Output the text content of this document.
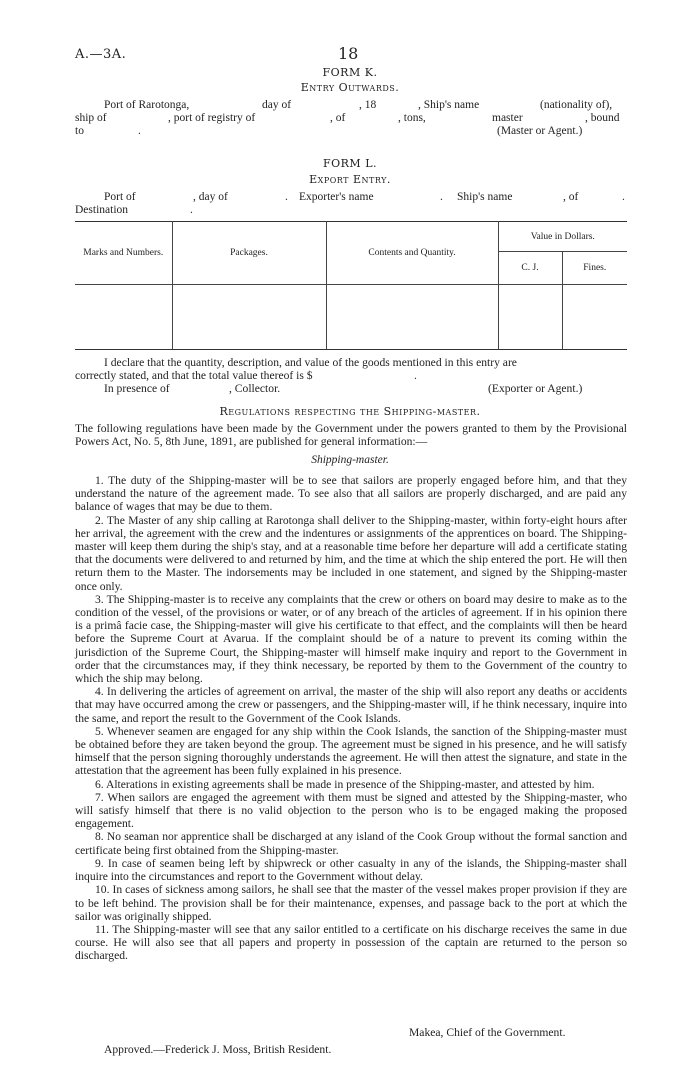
A.—3A.	18
FORM K.
Entry Outwards.
Port of Rarotonga,	day of	, 18	, Ship's name	(nationality of),
ship of	, port of registry of	, of	, tons,	master	, bound
to	.	(Master or Agent.)
FORM L.
Export Entry.
Port of	, day of	. Exporter's name	. Ship's name	, of	.
Destination	.
Marks and Numbers.	Packages.	Contents and Quantity.	Value in Dollars.	
			C. J.	Fines.

I declare that the quantity, description, and value of the goods mentioned in this entry are
correctly stated, and that the total value thereof is $	.
In presence of	, Collector.	(Exporter or Agent.)
Regulations respecting the Shipping-master.

The following regulations have been made by the Government under the powers granted to them by the Provisional Powers Act, No. 5, 8th June, 1891, are published for general information:—

Shipping-master.

1. The duty of the Shipping-master will be to see that sailors are properly engaged before him, and that they understand the nature of the agreement made. To see also that all sailors are properly discharged, and are paid any balance of wages that may be due to them.

2. The Master of any ship calling at Rarotonga shall deliver to the Shipping-master, within forty-eight hours after her arrival, the agreement with the crew and the indentures or assignments of the apprentices on board. The Shipping-master will keep them during the ship's stay, and at a reasonable time before her departure will add a certificate stating that the documents were delivered to and returned by him, and the time at which the ship entered the port. He will then return them to the Master. The indorsements may be included in one statement, and signed by the Shipping-master once only.

3. The Shipping-master is to receive any complaints that the crew or others on board may desire to make as to the condition of the vessel, of the provisions or water, or of any breach of the articles of agreement. If in his opinion there is a primâ facie case, the Shipping-master will give his certificate to that effect, and the complaints will then be heard before the Supreme Court at Avarua. If the complaint should be of a nature to prevent its coming within the jurisdiction of the Supreme Court, the Shipping-master will himself make inquiry and report to the Government in order that the circumstances may, if they think necessary, be reported by them to the Government of the country to which the ship may belong.

4. In delivering the articles of agreement on arrival, the master of the ship will also report any deaths or accidents that may have occurred among the crew or passengers, and the Shipping-master will, if he think necessary, inquire into the same, and report the result to the Government of the Cook Islands.

5. Whenever seamen are engaged for any ship within the Cook Islands, the sanction of the Shipping-master must be obtained before they are taken beyond the group. The agreement must be signed in his presence, and he will satisfy himself that the person signing thoroughly understands the agreement. He will then attest the signature, and state in the attestation that the agreement has been fully explained in his presence.

6. Alterations in existing agreements shall be made in presence of the Shipping-master, and attested by him.

7. When sailors are engaged the agreement with them must be signed and attested by the Shipping-master, who will satisfy himself that there is no valid objection to the person who is to be engaged making the proposed engagement.

8. No seaman nor apprentice shall be discharged at any island of the Cook Group without the formal sanction and certificate being first obtained from the Shipping-master.

9. In case of seamen being left by shipwreck or other casualty in any of the islands, the Shipping-master shall inquire into the circumstances and report to the Government without delay.

10. In cases of sickness among sailors, he shall see that the master of the vessel makes proper provision if they are to be left behind. The provision shall be for their maintenance, expenses, and passage back to the port at which the sailor was originally shipped.

11. The Shipping-master will see that any sailor entitled to a certificate on his discharge receives the same in due course. He will also see that all papers and property in possession of the captain are returned to the person so discharged.

Makea, Chief of the Government.
Approved.—Frederick J. Moss, British Resident.
